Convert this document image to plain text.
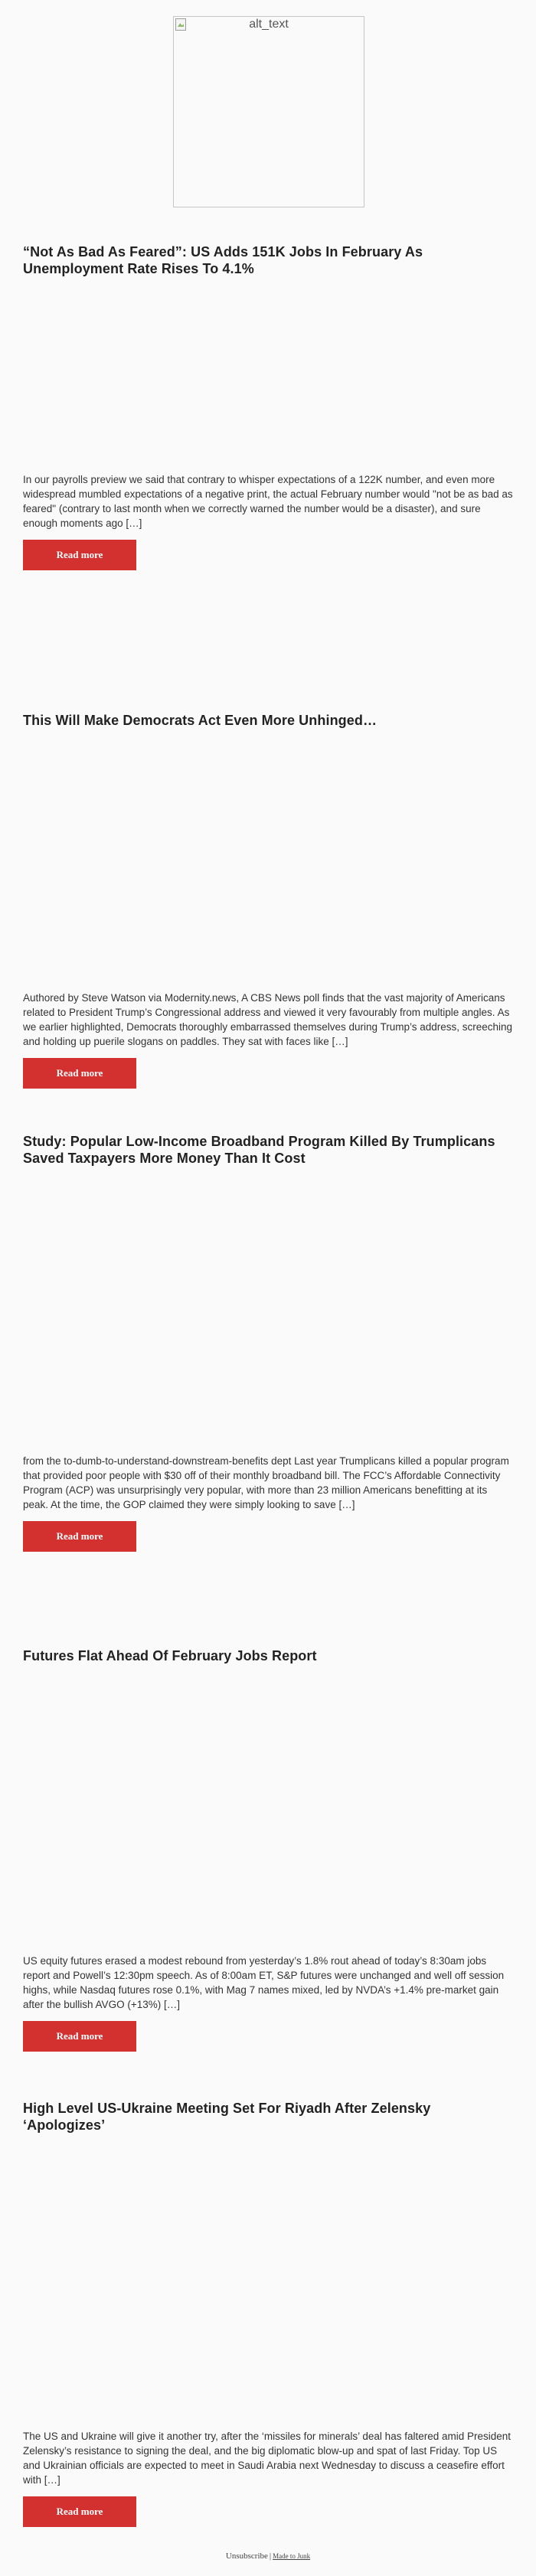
alt_text
“Not As Bad As Feared”: US Adds 151K Jobs In February As Unemployment Rate Rises To 4.1%

In our payrolls preview we said that contrary to whisper expectations of a 122K number, and even more widespread mumbled expectations of a negative print, the actual February number would "not be as bad as feared" (contrary to last month when we correctly warned the number would be a disaster), and sure enough moments ago […]

Read more
This Will Make Democrats Act Even More Unhinged…

Authored by Steve Watson via Modernity.news, A CBS News poll finds that the vast majority of Americans related to President Trump’s Congressional address and viewed it very favourably from multiple angles. As we earlier highlighted, Democrats thoroughly embarrassed themselves during Trump’s address, screeching and holding up puerile slogans on paddles. They sat with faces like […]

Read more
Study: Popular Low-Income Broadband Program Killed By Trumplicans Saved Taxpayers More Money Than It Cost

from the to-dumb-to-understand-downstream-benefits dept Last year Trumplicans killed a popular program that provided poor people with $30 off of their monthly broadband bill. The FCC’s Affordable Connectivity Program (ACP) was unsurprisingly very popular, with more than 23 million Americans benefitting at its peak. At the time, the GOP claimed they were simply looking to save […]

Read more
Futures Flat Ahead Of February Jobs Report

US equity futures erased a modest rebound from yesterday’s 1.8% rout ahead of today’s 8:30am jobs report and Powell’s 12:30pm speech. As of 8:00am ET, S&P futures were unchanged and well off session highs, while Nasdaq futures rose 0.1%, with Mag 7 names mixed, led by NVDA’s +1.4% pre-market gain after the bullish AVGO (+13%) […]

Read more
High Level US-Ukraine Meeting Set For Riyadh After Zelensky ‘Apologizes’

The US and Ukraine will give it another try, after the ‘missiles for minerals’ deal has faltered amid President Zelensky’s resistance to signing the deal, and the big diplomatic blow-up and spat of last Friday. Top US and Ukrainian officials are expected to meet in Saudi Arabia next Wednesday to discuss a ceasefire effort with […]

Read more
Unsubscribe | Made to Junk
